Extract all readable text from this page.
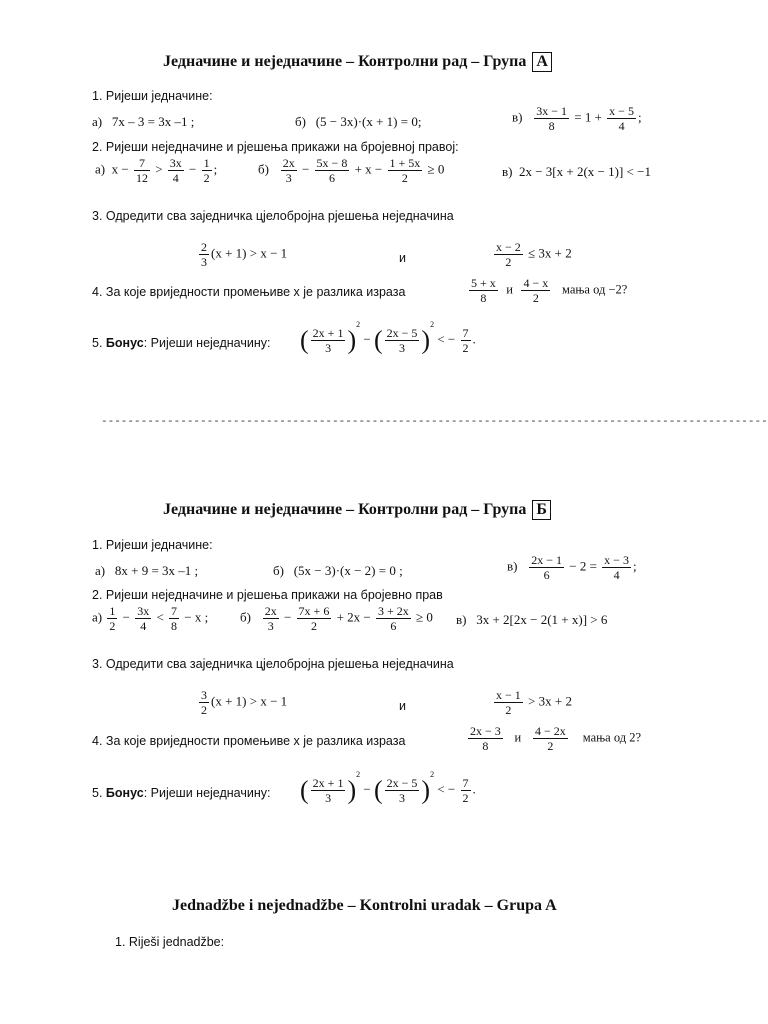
Једначине и неједначине – Контролни рад – Група А
1. Ријеши једначине:
а) 7x – 3 = 3x –1 ;	б) (5 − 3x)·(x + 1) = 0;	$в) \frac{3x - 1}{8} = 1 + \frac{x - 5}{4}$ ;
2. Ријеши неједначине и рјешења прикажи на бројевној правој:
а) $x - \frac{7}{12} > \frac{3x}{4} - \frac{1}{2}$ ;	$б) \frac{2x}{3} - \frac{5x - 8}{6} + x - \frac{1 + 5x}{2} \ge 0$	в) 2x − 3[x + 2(x − 1)] < −1
3. Одредити сва заједничка цјелобројна рјешења неједначина
$\frac{2}{3} (x + 1) > x - 1$	и	$\frac{x - 2}{2} \le 3x + 2$
4. За које вриједности промењиве x је разлика израза	$\frac{5 + x}{8}$ и $\frac{4 - x}{2}$ мања од −2?
5. Бонус: Ријеши неједначину: ( $\frac{2x + 1}{3} )^2$ − ( $\frac{2x - 5}{3} )^2$ < − $\frac{7}{2}$ .
-----------------------------------------------------------------------------------------------------
Једначине и неједначине – Контролни рад – Група Б
1. Ријеши једначине:
а) 8x + 9 = 3x –1 ;	б) (5x − 3)·(x − 2) = 0 ;	$в) \frac{2x - 1}{6} - 2 = \frac{x - 3}{4}$ ;
2. Ријеши неједначине и рјешења прикажи на бројевно прав
$а) \frac{1}{2} - \frac{3x}{4} < \frac{7}{8} - x$ ; $б) \frac{2x}{3} - \frac{7x + 6}{2} + 2x - \frac{3 + 2x}{6} \ge 0$ в) 3x + 2[2x − 2(1 + x)] > 6
3. Одредити сва заједничка цјелобројна рјешења неједначина
$\frac{3}{2} (x + 1) > x - 1$	и	$\frac{x - 1}{2} > 3x + 2$
4. За које вриједности промењиве x је разлика израза	$\frac{2x - 3}{8}$ и $\frac{4 - 2x}{2}$ мања од 2?
5. Бонус: Ријеши неједначину: ( $\frac{2x + 1}{3} )^2$ − ( $\frac{2x - 5}{3} )^2$ < − $\frac{7}{2}$ .
Jednadžbe i nejednadžbe – Kontrolni uradak – Grupa A
1. Riješi jednadžbe:
